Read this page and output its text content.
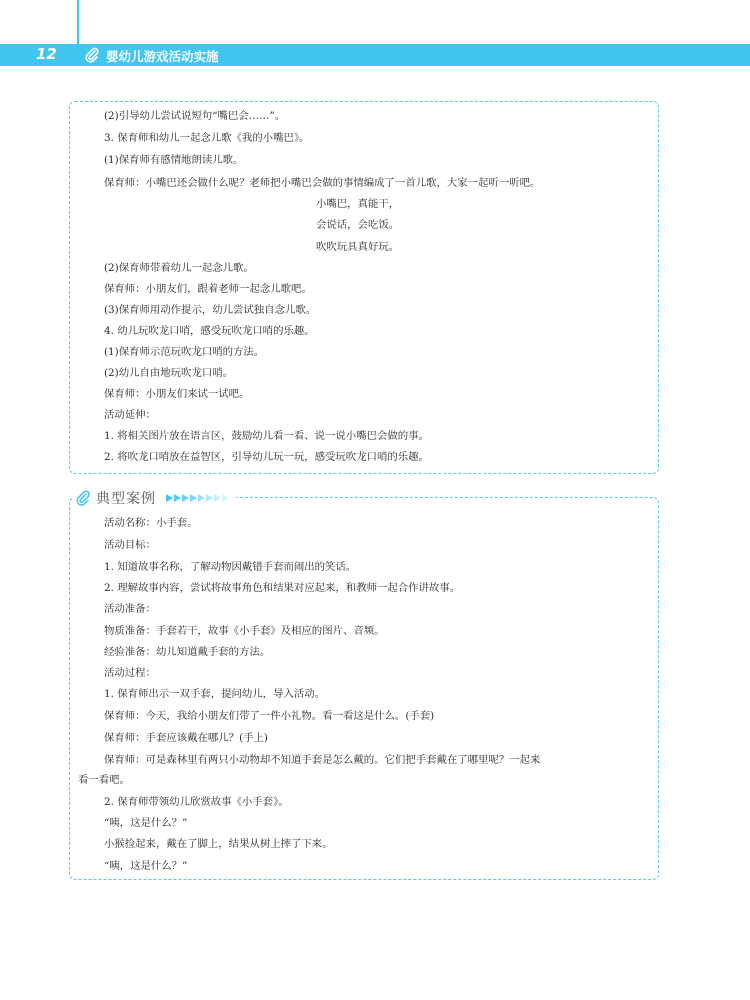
12	婴幼儿游戏活动实施
(2)引导幼儿尝试说短句“嘴巴会……”。
3. 保育师和幼儿一起念儿歌《我的小嘴巴》。
(1)保育师有感情地朗读儿歌。
保育师：小嘴巴还会做什么呢？老师把小嘴巴会做的事情编成了一首儿歌，大家一起听一听吧。
小嘴巴，真能干，
会说话，会吃饭。
吹吹玩具真好玩。
(2)保育师带着幼儿一起念儿歌。
保育师：小朋友们，跟着老师一起念儿歌吧。
(3)保育师用动作提示，幼儿尝试独自念儿歌。
4. 幼儿玩吹龙口哨，感受玩吹龙口哨的乐趣。
(1)保育师示范玩吹龙口哨的方法。
(2)幼儿自由地玩吹龙口哨。
保育师：小朋友们来试一试吧。
活动延伸：
1. 将相关图片放在语言区，鼓励幼儿看一看、说一说小嘴巴会做的事。
2. 将吹龙口哨放在益智区，引导幼儿玩一玩，感受玩吹龙口哨的乐趣。
典型案例
活动名称：小手套。
活动目标：
1. 知道故事名称，了解动物因戴错手套而闹出的笑话。
2. 理解故事内容，尝试将故事角色和结果对应起来，和教师一起合作讲故事。
活动准备：
物质准备：手套若干，故事《小手套》及相应的图片、音频。
经验准备：幼儿知道戴手套的方法。
活动过程：
1. 保育师出示一双手套，提问幼儿，导入活动。
保育师：今天，我给小朋友们带了一件小礼物。看一看这是什么。(手套)
保育师：手套应该戴在哪儿？(手上)
保育师：可是森林里有两只小动物却不知道手套是怎么戴的。它们把手套戴在了哪里呢？一起来
看一看吧。
2. 保育师带领幼儿欣赏故事《小手套》。
“咦，这是什么？”
小猴捡起来，戴在了脚上，结果从树上摔了下来。
“咦，这是什么？”
